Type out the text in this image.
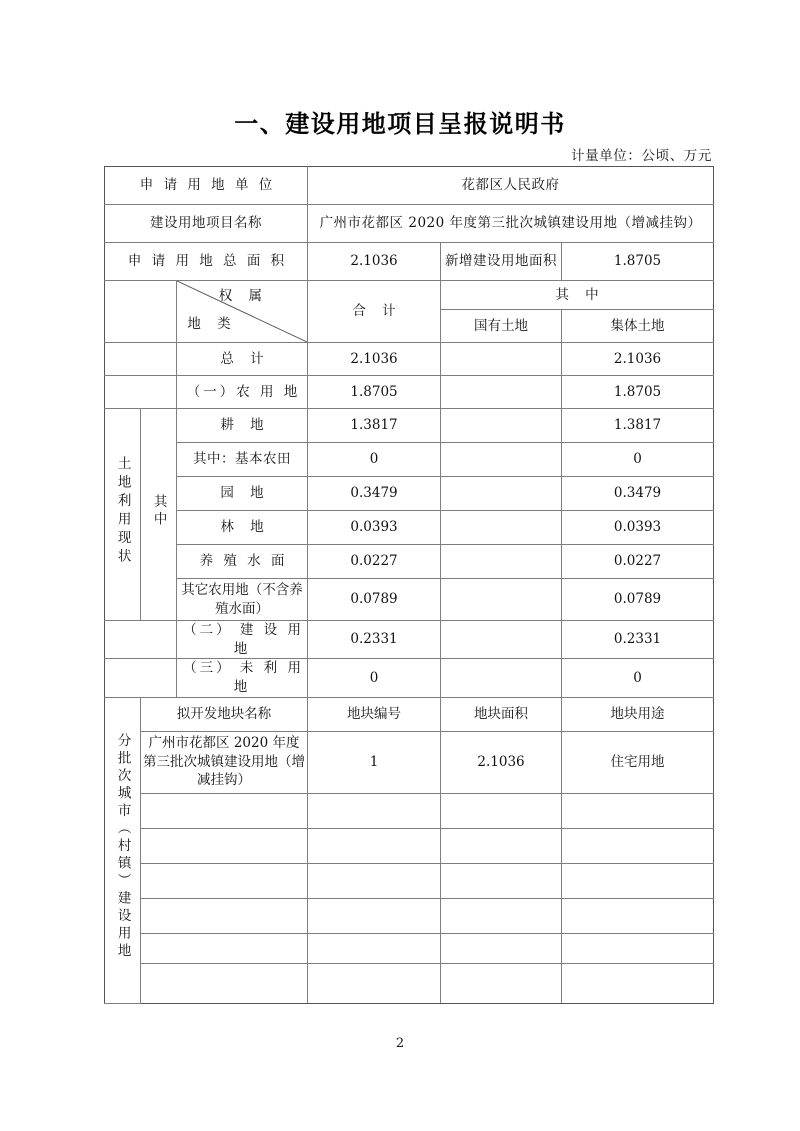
一、建设用地项目呈报说明书
计量单位：公顷、万元
申 请 用 地 单 位			花都区人民政府		
建设用地项目名称			广州市花都区 2020 年度第三批次城镇建设用地（增减挂钩）		
申 请 用 地 总 面 积			2.1036	新增建设用地面积	1.8705

		权 属
地 类	合 计	其 中	
				国有土地	集体土地
		总 计	2.1036		2.1036
		（一）农 用 地	1.8705		1.8705
土地利用现状	其中	耕 地	1.3817		1.3817
		其中：基本农田	0		0
		园 地	0.3479		0.3479
		林 地	0.0393		0.0393
		养 殖 水 面	0.0227		0.0227
		其它农用地（不含养殖水面）	0.0789		0.0789
		（二） 建 设 用 地	0.2331		0.2331
		（三） 未 利 用 地	0		0
分批次城市（村镇）建设用地	拟开发地块名称		地块编号	地块面积	地块用途
	广州市花都区 2020 年度第三批次城镇建设用地（增减挂钩）		1	2.1036	住宅用地

2
